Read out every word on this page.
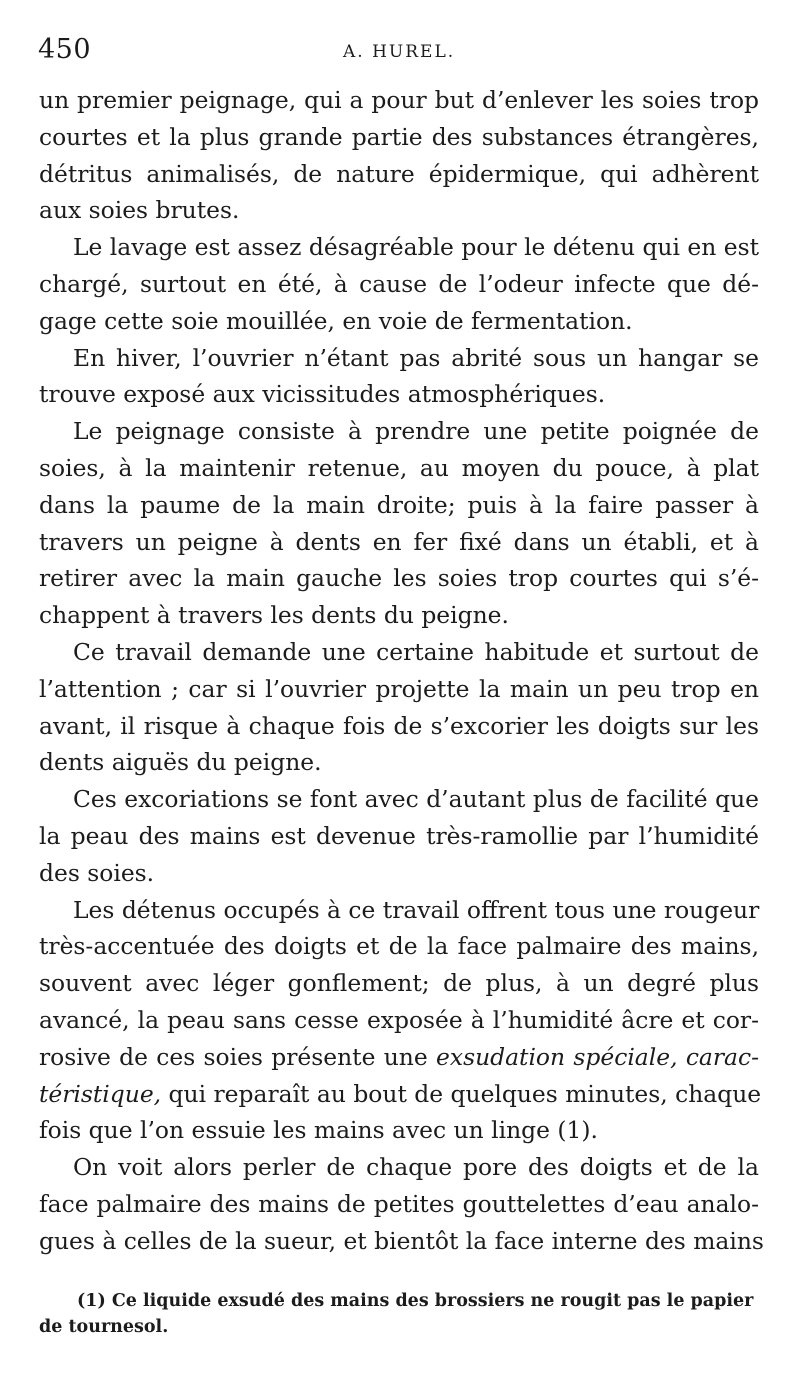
450	A. HUREL.
un premier peignage, qui a pour but d’enlever les soies trop
courtes et la plus grande partie des substances étrangères,
détritus animalisés, de nature épidermique, qui adhèrent
aux soies brutes.
Le lavage est assez désagréable pour le détenu qui en est
chargé, surtout en été, à cause de l’odeur infecte que dé-
gage cette soie mouillée, en voie de fermentation.
En hiver, l’ouvrier n’étant pas abrité sous un hangar se
trouve exposé aux vicissitudes atmosphériques.
Le peignage consiste à prendre une petite poignée de
soies, à la maintenir retenue, au moyen du pouce, à plat
dans la paume de la main droite; puis à la faire passer à
travers un peigne à dents en fer fixé dans un établi, et à
retirer avec la main gauche les soies trop courtes qui s’é-
chappent à travers les dents du peigne.
Ce travail demande une certaine habitude et surtout de
l’attention ; car si l’ouvrier projette la main un peu trop en
avant, il risque à chaque fois de s’excorier les doigts sur les
dents aiguës du peigne.
Ces excoriations se font avec d’autant plus de facilité que
la peau des mains est devenue très-ramollie par l’humidité
des soies.
Les détenus occupés à ce travail offrent tous une rougeur
très-accentuée des doigts et de la face palmaire des mains,
souvent avec léger gonflement; de plus, à un degré plus
avancé, la peau sans cesse exposée à l’humidité âcre et cor-
rosive de ces soies présente une exsudation spéciale, carac-
téristique, qui reparaît au bout de quelques minutes, chaque
fois que l’on essuie les mains avec un linge (1).
On voit alors perler de chaque pore des doigts et de la
face palmaire des mains de petites gouttelettes d’eau analo-
gues à celles de la sueur, et bientôt la face interne des mains
(1) Ce liquide exsudé des mains des brossiers ne rougit pas le papier
de tournesol.
